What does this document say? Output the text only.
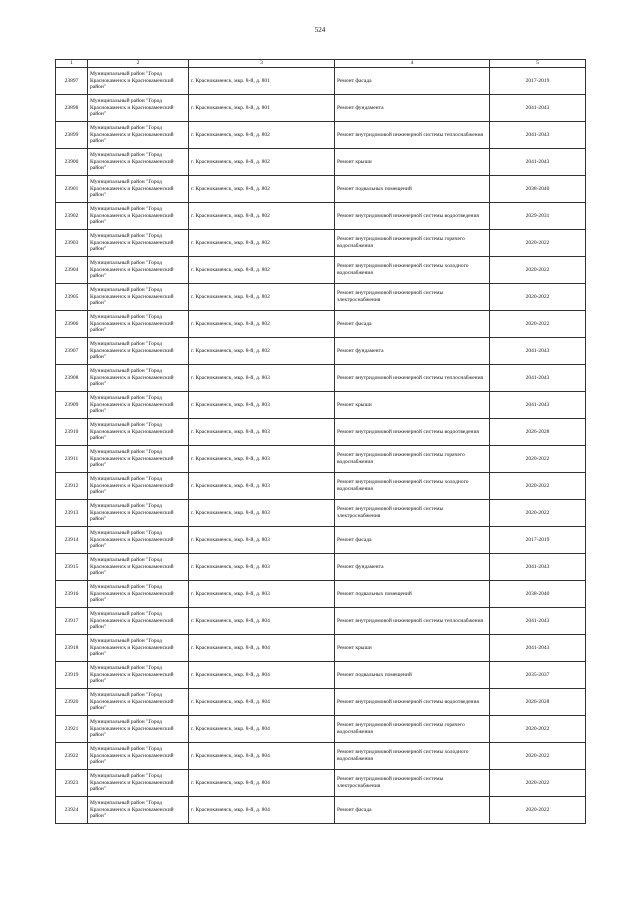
524
1	2	3	4	5
23897	Муниципальный район "Город Краснокаменск и Краснокаменский район"	г. Краснокаменск, мкр. 8-й, д. 801	Ремонт фасада	2017-2019
23898	Муниципальный район "Город Краснокаменск и Краснокаменский район"	г. Краснокаменск, мкр. 8-й, д. 801	Ремонт фундамента	2041-2043
23899	Муниципальный район "Город Краснокаменск и Краснокаменский район"	г. Краснокаменск, мкр. 8-й, д. 802	Ремонт внутридомовой инженерной системы теплоснабжения	2041-2043
23900	Муниципальный район "Город Краснокаменск и Краснокаменский район"	г. Краснокаменск, мкр. 8-й, д. 802	Ремонт крыши	2041-2043
23901	Муниципальный район "Город Краснокаменск и Краснокаменский район"	г. Краснокаменск, мкр. 8-й, д. 802	Ремонт подвальных помещений	2038-2040
23902	Муниципальный район "Город Краснокаменск и Краснокаменский район"	г. Краснокаменск, мкр. 8-й, д. 802	Ремонт внутридомовой инженерной системы водоотведения	2029-2031
23903	Муниципальный район "Город Краснокаменск и Краснокаменский район"	г. Краснокаменск, мкр. 8-й, д. 802	Ремонт внутридомовой инженерной системы горячего водоснабжения	2020-2022
23904	Муниципальный район "Город Краснокаменск и Краснокаменский район"	г. Краснокаменск, мкр. 8-й, д. 802	Ремонт внутридомовой инженерной системы холодного водоснабжения	2020-2022
23905	Муниципальный район "Город Краснокаменск и Краснокаменский район"	г. Краснокаменск, мкр. 8-й, д. 802	Ремонт внутридомовой инженерной системы электроснабжения	2020-2022
23906	Муниципальный район "Город Краснокаменск и Краснокаменский район"	г. Краснокаменск, мкр. 8-й, д. 802	Ремонт фасада	2020-2022
23907	Муниципальный район "Город Краснокаменск и Краснокаменский район"	г. Краснокаменск, мкр. 8-й, д. 802	Ремонт фундамента	2041-2043
23908	Муниципальный район "Город Краснокаменск и Краснокаменский район"	г. Краснокаменск, мкр. 8-й, д. 803	Ремонт внутридомовой инженерной системы теплоснабжения	2041-2043
23909	Муниципальный район "Город Краснокаменск и Краснокаменский район"	г. Краснокаменск, мкр. 8-й, д. 803	Ремонт крыши	2041-2043
23910	Муниципальный район "Город Краснокаменск и Краснокаменский район"	г. Краснокаменск, мкр. 8-й, д. 803	Ремонт внутридомовой инженерной системы водоотведения	2026-2028
23911	Муниципальный район "Город Краснокаменск и Краснокаменский район"	г. Краснокаменск, мкр. 8-й, д. 803	Ремонт внутридомовой инженерной системы горячего водоснабжения	2020-2022
23912	Муниципальный район "Город Краснокаменск и Краснокаменский район"	г. Краснокаменск, мкр. 8-й, д. 803	Ремонт внутридомовой инженерной системы холодного водоснабжения	2020-2022
23913	Муниципальный район "Город Краснокаменск и Краснокаменский район"	г. Краснокаменск, мкр. 8-й, д. 803	Ремонт внутридомовой инженерной системы электроснабжения	2020-2022
23914	Муниципальный район "Город Краснокаменск и Краснокаменский район"	г. Краснокаменск, мкр. 8-й, д. 803	Ремонт фасада	2017-2019
23915	Муниципальный район "Город Краснокаменск и Краснокаменский район"	г. Краснокаменск, мкр. 8-й, д. 803	Ремонт фундамента	2041-2043
23916	Муниципальный район "Город Краснокаменск и Краснокаменский район"	г. Краснокаменск, мкр. 8-й, д. 803	Ремонт подвальных помещений	2038-2040
23917	Муниципальный район "Город Краснокаменск и Краснокаменский район"	г. Краснокаменск, мкр. 8-й, д. 804	Ремонт внутридомовой инженерной системы теплоснабжения	2041-2043
23918	Муниципальный район "Город Краснокаменск и Краснокаменский район"	г. Краснокаменск, мкр. 8-й, д. 804	Ремонт крыши	2041-2043
23919	Муниципальный район "Город Краснокаменск и Краснокаменский район"	г. Краснокаменск, мкр. 8-й, д. 804	Ремонт подвальных помещений	2035-2037
23920	Муниципальный район "Город Краснокаменск и Краснокаменский район"	г. Краснокаменск, мкр. 8-й, д. 804	Ремонт внутридомовой инженерной системы водоотведения	2026-2028
23921	Муниципальный район "Город Краснокаменск и Краснокаменский район"	г. Краснокаменск, мкр. 8-й, д. 804	Ремонт внутридомовой инженерной системы горячего водоснабжения	2020-2022
23922	Муниципальный район "Город Краснокаменск и Краснокаменский район"	г. Краснокаменск, мкр. 8-й, д. 804	Ремонт внутридомовой инженерной системы холодного водоснабжения	2020-2022
23923	Муниципальный район "Город Краснокаменск и Краснокаменский район"	г. Краснокаменск, мкр. 8-й, д. 804	Ремонт внутридомовой инженерной системы электроснабжения	2020-2022
23924	Муниципальный район "Город Краснокаменск и Краснокаменский район"	г. Краснокаменск, мкр. 8-й, д. 804	Ремонт фасада	2020-2022
